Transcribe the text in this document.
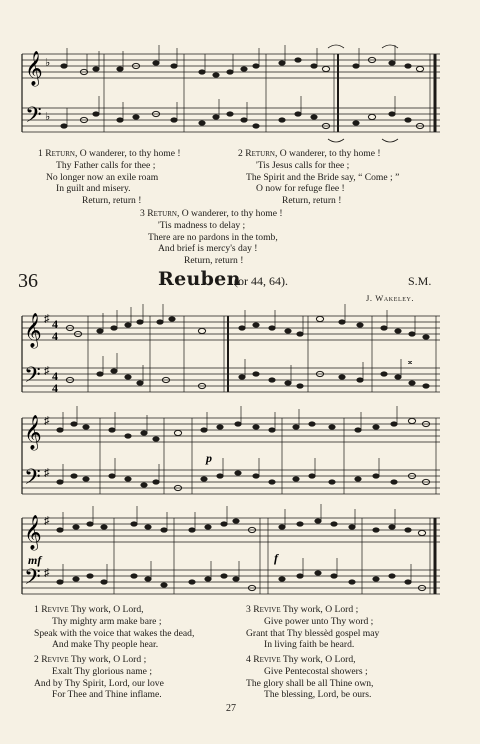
𝄞
𝄢
♭
♭
1 Return, O wanderer, to thy home !
Thy Father calls for thee ;
No longer now an exile roam
In guilt and misery.
Return, return !
2 Return, O wanderer, to thy home !
'Tis Jesus calls for thee ;
The Spirit and the Bride say, “ Come ; ”
O now for refuge flee !
Return, return !
3 Return, O wanderer, to thy home !
'Tis madness to delay ;
There are no pardons in the tomb,
And brief is mercy's day !
Return, return !
36	Reuben
(or 44, 64).	S.M.
J. Wakeley.
𝄞
𝄢
♯
♯
4
4
4
4
𝄪
𝄞
𝄢
♯
♯
p
𝄞
𝄢
♯
♯
mf	f
1 Revive Thy work, O Lord,
Thy mighty arm make bare ;
Speak with the voice that wakes the dead,
And make Thy people hear.
2 Revive Thy work, O Lord ;
Exalt Thy glorious name ;
And by Thy Spirit, Lord, our love
For Thee and Thine inflame.
3 Revive Thy work, O Lord ;
Give power unto Thy word ;
Grant that Thy blessèd gospel may
In living faith be heard.
4 Revive Thy work, O Lord,
Give Pentecostal showers ;
The glory shall be all Thine own,
The blessing, Lord, be ours.
27
